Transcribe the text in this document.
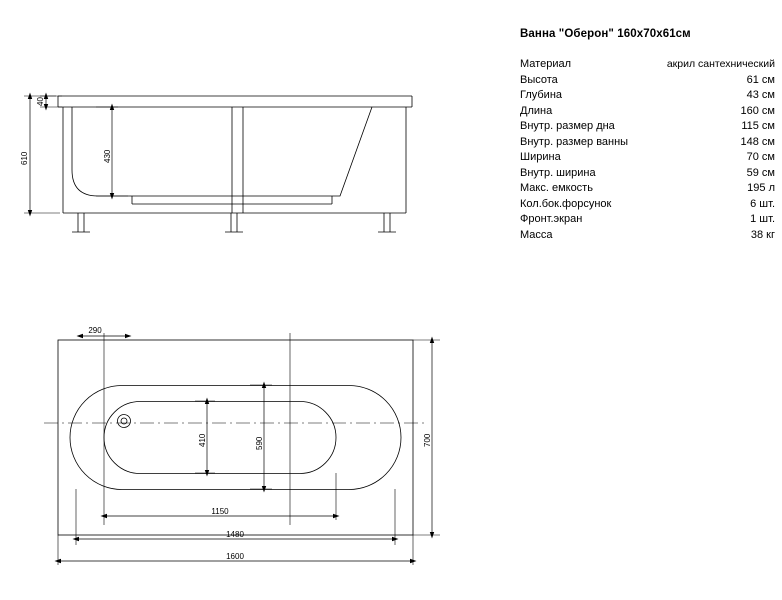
Ванна "Оберон" 160х70х61см
Материал	акрил сантехнический
Высота	61 см
Глубина	43 см
Длина	160 см
Внутр. размер дна	115 см
Внутр. размер ванны	148 см
Ширина	70 см
Внутр. ширина	59 см
Макс. емкость	195 л
Кол.бок.форсунок	6 шт.
Фронт.экран	1 шт.
Масса	38 кг
40
610	430
290
410	590	700
1150
1480
1600
